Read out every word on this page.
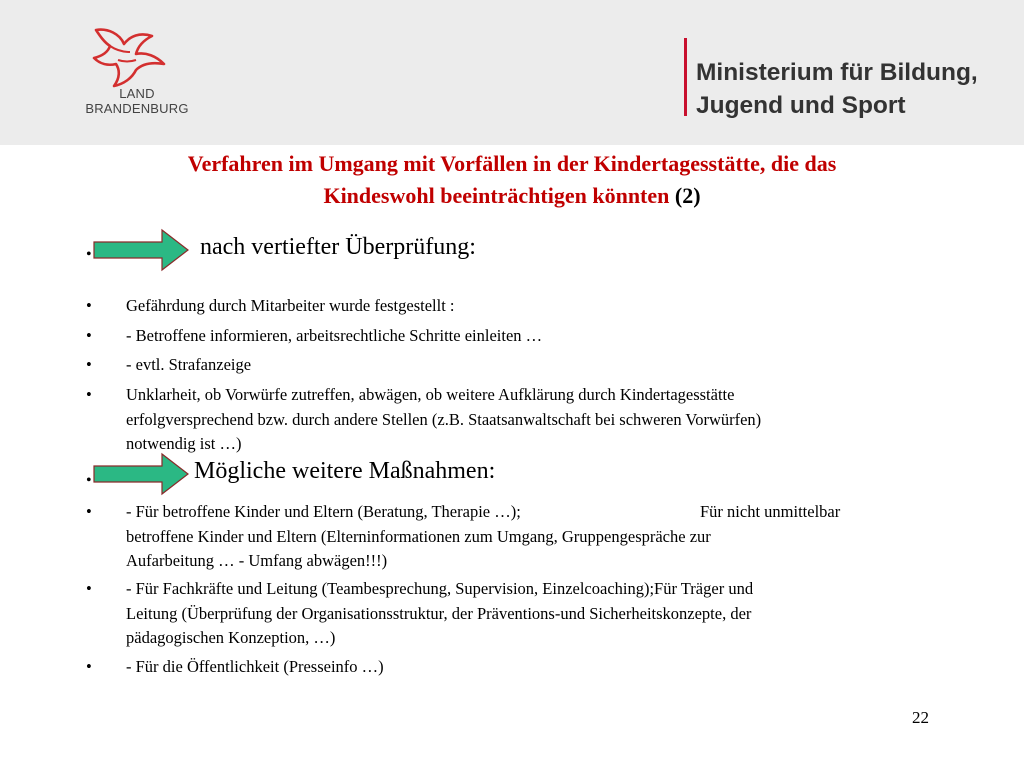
LAND
BRANDENBURG
Ministerium für Bildung,
Jugend und Sport
Verfahren im Umgang mit Vorfällen in der Kindertagesstätte, die das
Kindeswohl beeinträchtigen könnten (2)
•	nach vertiefter Überprüfung:
• Gefährdung durch Mitarbeiter wurde festgestellt :
• - Betroffene informieren, arbeitsrechtliche Schritte einleiten …
• - evtl. Strafanzeige
• Unklarheit, ob Vorwürfe zutreffen, abwägen, ob weitere Aufklärung durch Kindertagesstätte
erfolgversprechend bzw. durch andere Stellen (z.B. Staatsanwaltschaft bei schweren Vorwürfen)
notwendig ist …)
•	Mögliche weitere Maßnahmen:
• - Für betroffene Kinder und Eltern (Beratung, Therapie …);	Für nicht unmittelbar
betroffene Kinder und Eltern (Elterninformationen zum Umgang, Gruppengespräche zur
Aufarbeitung … - Umfang abwägen!!!)
• - Für Fachkräfte und Leitung (Teambesprechung, Supervision, Einzelcoaching);Für Träger und
Leitung (Überprüfung der Organisationsstruktur, der Präventions-und Sicherheitskonzepte, der
pädagogischen Konzeption, …)
• - Für die Öffentlichkeit (Presseinfo …)
22
